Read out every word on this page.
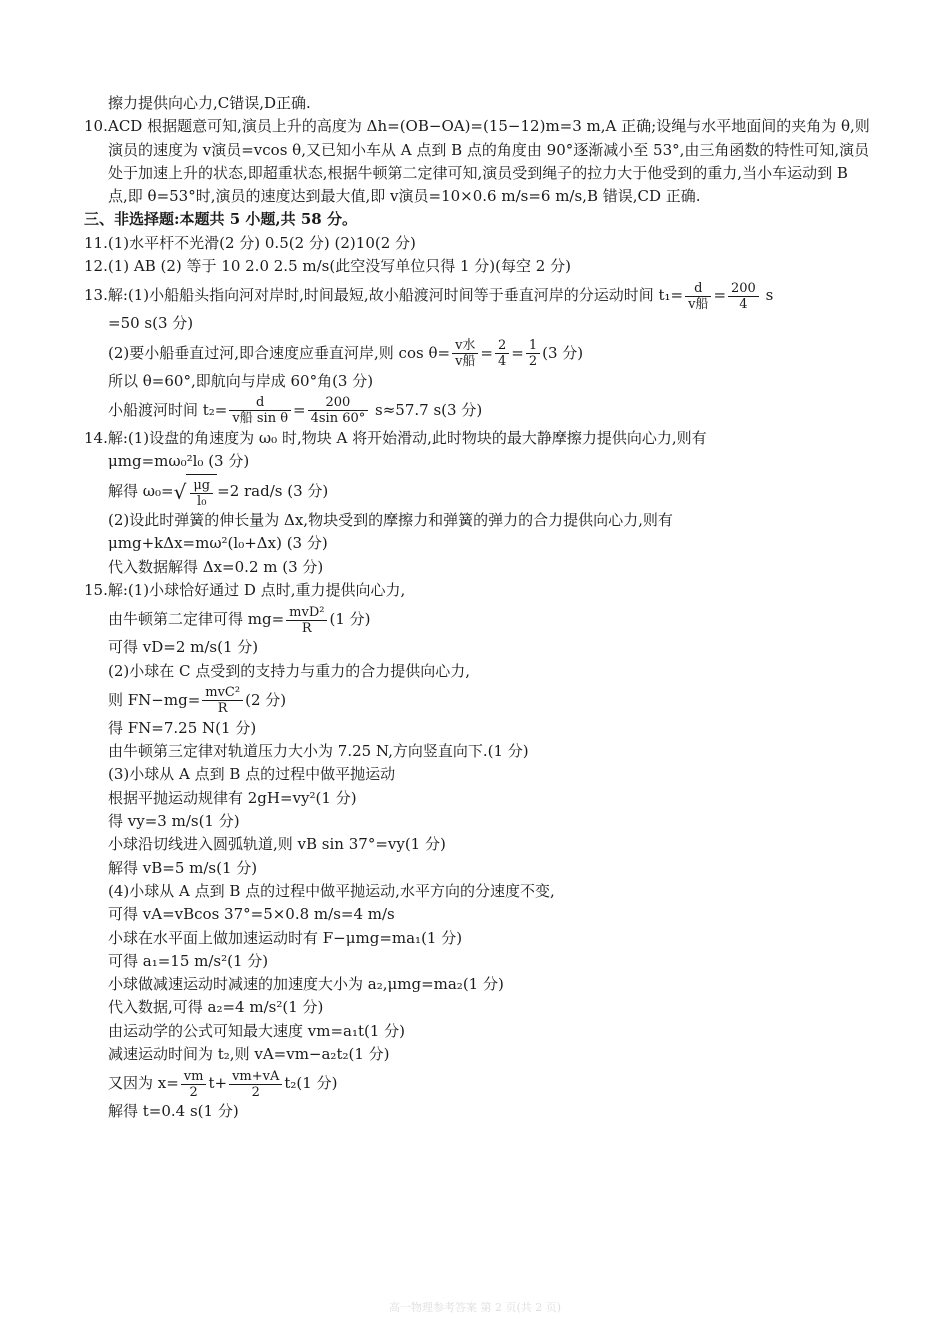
擦力提供向心力,C错误,D正确.
10.ACD 根据题意可知,演员上升的高度为 Δh=(OB−OA)=(15−12)m=3 m,A 正确;设绳与水平地面间的夹角为 θ,则演员的速度为 v演员=vcos θ,又已知小车从 A 点到 B 点的角度由 90°逐渐减小至 53°,由三角函数的特性可知,演员处于加速上升的状态,即超重状态,根据牛顿第二定律可知,演员受到绳子的拉力大于他受到的重力,当小车运动到 B 点,即 θ=53°时,演员的速度达到最大值,即 v演员=10×0.6 m/s=6 m/s,B 错误,CD 正确.
三、非选择题:本题共 5 小题,共 58 分。
11.(1)水平杆不光滑(2 分) 0.5(2 分) (2)10(2 分)
12.(1) AB (2) 等于 10 2.0 2.5 m/s(此空没写单位只得 1 分)(每空 2 分)
13.解:(1)小船船头指向河对岸时,时间最短,故小船渡河时间等于垂直河岸的分运动时间 $t_1= \frac{d}{\text{v船}} = \frac{200}{4}$ s
=50 s(3 分)
(2)要小船垂直过河,即合速度应垂直河岸,则 $\cos \theta= \frac{\text{v水}}{\text{v船}} = \frac{2}{4} = \frac{1}{2} (3$ 分)
所以 θ=60°,即航向与岸成 60°角(3 分)
小船渡河时间 $t_2= \frac{d}{\text{v船 sin θ}} = \frac{200}{4\sin 60^\circ} s\approx 57.7$ s(3 分)
14.解:(1)设盘的角速度为 ω₀ 时,物块 A 将开始滑动,此时物块的最大静摩擦力提供向心力,则有
μmg=mω₀²l₀ (3 分)
解得 $\omega_0=√ \frac{\mu g}{\text{l₀}} =2$ rad/s (3 分)
(2)设此时弹簧的伸长量为 Δx,物块受到的摩擦力和弹簧的弹力的合力提供向心力,则有
μmg+kΔx=mω²(l₀+Δx) (3 分)
代入数据解得 Δx=0.2 m (3 分)
15.解:(1)小球恰好通过 D 点时,重力提供向心力,
由牛顿第二定律可得 $mg= \frac{\text{mvD²}}{R} (1$ 分)
可得 vD=2 m/s(1 分)
(2)小球在 C 点受到的支持力与重力的合力提供向心力,
则 $FN-mg= \frac{\text{mvC²}}{R} (2$ 分)
得 FN=7.25 N(1 分)
由牛顿第三定律对轨道压力大小为 7.25 N,方向竖直向下.(1 分)
(3)小球从 A 点到 B 点的过程中做平抛运动
根据平抛运动规律有 2gH=vy²(1 分)
得 vy=3 m/s(1 分)
小球沿切线进入圆弧轨道,则 vB sin 37°=vy(1 分)
解得 vB=5 m/s(1 分)
(4)小球从 A 点到 B 点的过程中做平抛运动,水平方向的分速度不变,
可得 vA=vBcos 37°=5×0.8 m/s=4 m/s
小球在水平面上做加速运动时有 F−μmg=ma₁(1 分)
可得 a₁=15 m/s²(1 分)
小球做减速运动时减速的加速度大小为 a₂,μmg=ma₂(1 分)
代入数据,可得 a₂=4 m/s²(1 分)
由运动学的公式可知最大速度 vm=a₁t(1 分)
减速运动时间为 t₂,则 vA=vm−a₂t₂(1 分)
又因为 $x= \frac{vm}{2} t+ \frac{vm+vA}{2} t_2(1$ 分)
解得 t=0.4 s(1 分)
高一物理参考答案 第 2 页(共 2 页)
